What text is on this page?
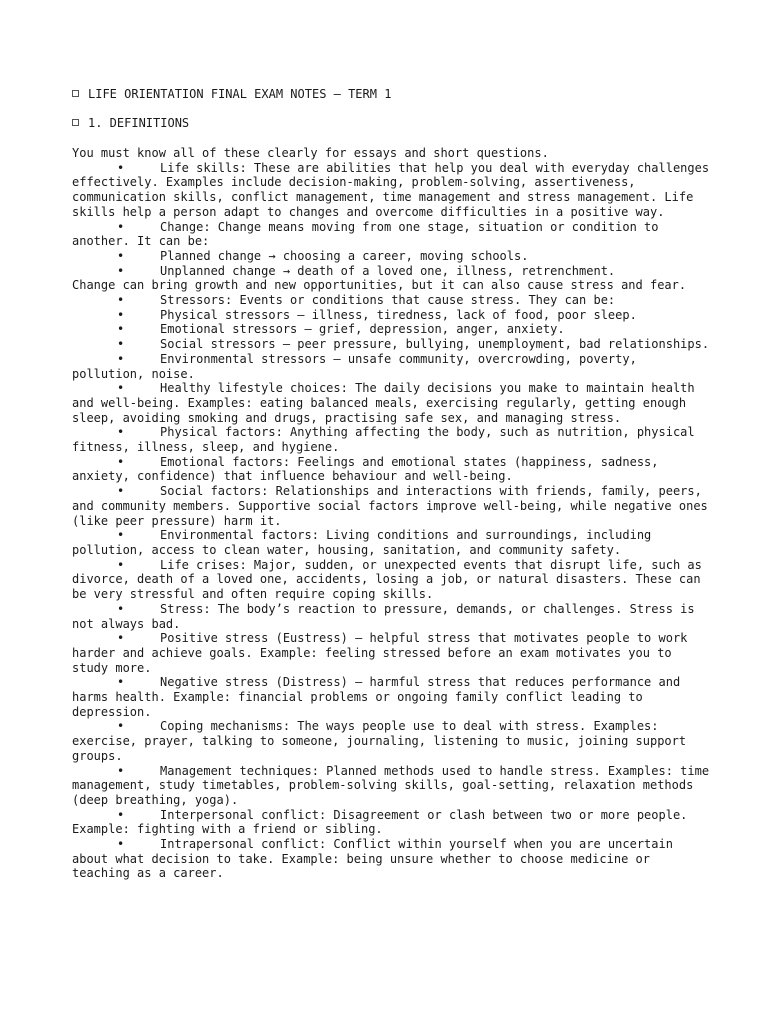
LIFE ORIENTATION FINAL EXAM NOTES – TERM 1
1. DEFINITIONS
You must know all of these clearly for essays and short questions.
•	Life skills: These are abilities that help you deal with everyday challenges effectively. Examples include decision-making, problem-solving, assertiveness, communication skills, conflict management, time management and stress management. Life skills help a person adapt to changes and overcome difficulties in a positive way.
•	Change: Change means moving from one stage, situation or condition to another. It can be:
•	Planned change → choosing a career, moving schools.
•	Unplanned change → death of a loved one, illness, retrenchment.
Change can bring growth and new opportunities, but it can also cause stress and fear.
•	Stressors: Events or conditions that cause stress. They can be:
•	Physical stressors – illness, tiredness, lack of food, poor sleep.
•	Emotional stressors – grief, depression, anger, anxiety.
•	Social stressors – peer pressure, bullying, unemployment, bad relationships.
•	Environmental stressors – unsafe community, overcrowding, poverty, pollution, noise.
•	Healthy lifestyle choices: The daily decisions you make to maintain health and well-being. Examples: eating balanced meals, exercising regularly, getting enough sleep, avoiding smoking and drugs, practising safe sex, and managing stress.
•	Physical factors: Anything affecting the body, such as nutrition, physical fitness, illness, sleep, and hygiene.
•	Emotional factors: Feelings and emotional states (happiness, sadness, anxiety, confidence) that influence behaviour and well-being.
•	Social factors: Relationships and interactions with friends, family, peers, and community members. Supportive social factors improve well-being, while negative ones (like peer pressure) harm it.
•	Environmental factors: Living conditions and surroundings, including pollution, access to clean water, housing, sanitation, and community safety.
•	Life crises: Major, sudden, or unexpected events that disrupt life, such as divorce, death of a loved one, accidents, losing a job, or natural disasters. These can be very stressful and often require coping skills.
•	Stress: The body’s reaction to pressure, demands, or challenges. Stress is not always bad.
•	Positive stress (Eustress) – helpful stress that motivates people to work harder and achieve goals. Example: feeling stressed before an exam motivates you to study more.
•	Negative stress (Distress) – harmful stress that reduces performance and harms health. Example: financial problems or ongoing family conflict leading to depression.
•	Coping mechanisms: The ways people use to deal with stress. Examples: exercise, prayer, talking to someone, journaling, listening to music, joining support groups.
•	Management techniques: Planned methods used to handle stress. Examples: time management, study timetables, problem-solving skills, goal-setting, relaxation methods (deep breathing, yoga).
•	Interpersonal conflict: Disagreement or clash between two or more people. Example: fighting with a friend or sibling.
•	Intrapersonal conflict: Conflict within yourself when you are uncertain about what decision to take. Example: being unsure whether to choose medicine or teaching as a career.
